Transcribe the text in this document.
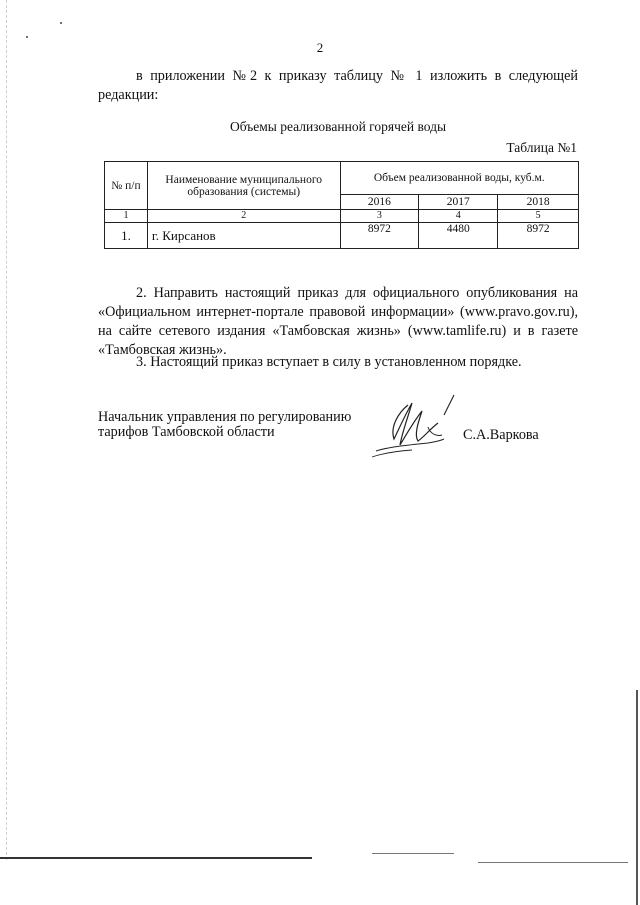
2
в приложении №2 к приказу таблицу № 1 изложить в следующей редакции:
Объемы реализованной горячей воды
Таблица №1
№ п/п	Наименование муниципального образования (системы)	Объем реализованной воды, куб.м.		
		2016	2017	2018
1	2	3	4	5
1.	г. Кирсанов	8972	4480	8972
2. Направить настоящий приказ для официального опубликования на «Официальном интернет-портале правовой информации» (www.pravo.gov.ru), на сайте сетевого издания «Тамбовская жизнь» (www.tamlife.ru) и в газете «Тамбовская жизнь».
3. Настоящий приказ вступает в силу в установленном порядке.
Начальник управления по регулированию
тарифов Тамбовской области	С.А.Варкова
